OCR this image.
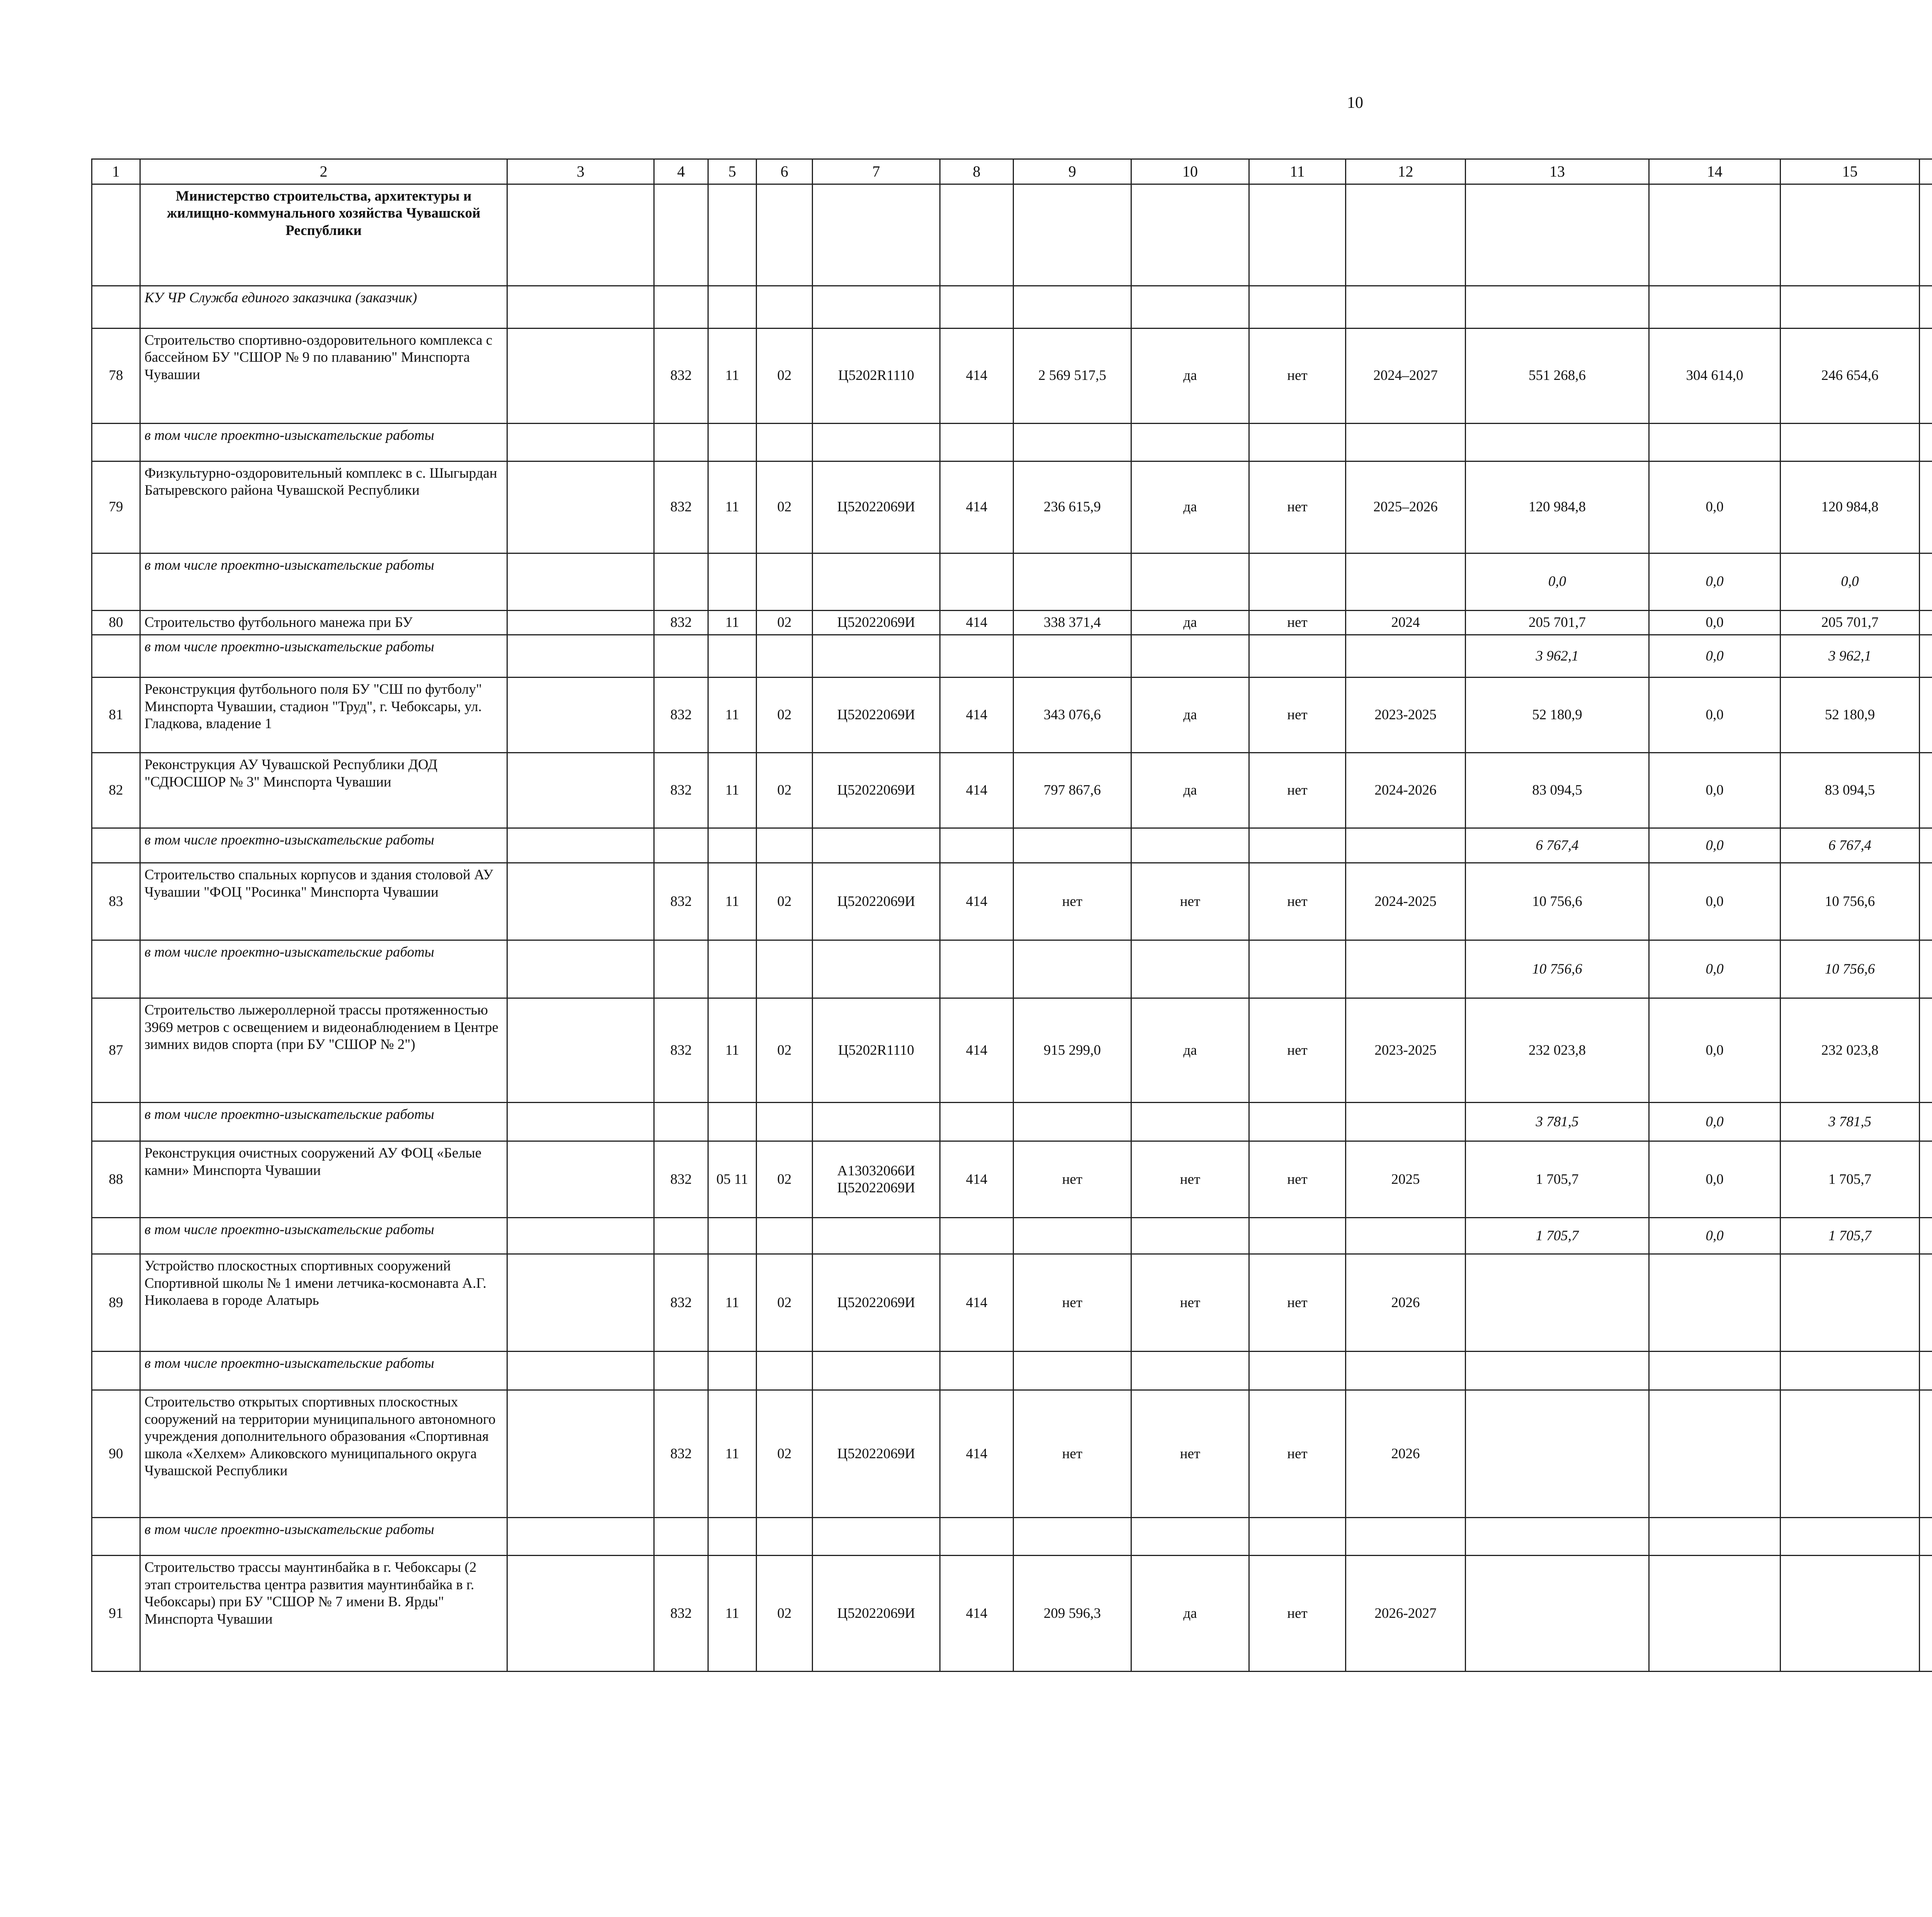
10
1	2	3	4	5	6	7	8	9	10	11	12	13	14	15						
	Министерство строительства, архитектуры и жилищно-коммунального хозяйства Чувашской Республики																			
	КУ ЧР Служба единого заказчика (заказчик)																			
78	Строительство спортивно-оздоровительного комплекса с бассейном БУ "СШОР № 9 по плаванию" Минспорта Чувашии		832	11	02	Ц5202R1110	414	2 569 517,5	да	нет	2024–2027	551 268,6	304 614,0	246 654,6						
	в том числе проектно-изыскательские работы																			
79	Физкультурно-оздоровительный комплекс в с. Шыгырдан Батыревского района Чувашской Республики		832	11	02	Ц52022069И	414	236 615,9	да	нет	2025–2026	120 984,8	0,0	120 984,8						
	в том числе проектно-изыскательские работы											0,0	0,0	0,0						
80	Строительство футбольного манежа при БУ		832	11	02	Ц52022069И	414	338 371,4	да	нет	2024	205 701,7	0,0	205 701,7						
	в том числе проектно-изыскательские работы											3 962,1	0,0	3 962,1						
81	Реконструкция футбольного поля БУ "СШ по футболу" Минспорта Чувашии, стадион "Труд", г. Чебоксары, ул. Гладкова, владение 1		832	11	02	Ц52022069И	414	343 076,6	да	нет	2023-2025	52 180,9	0,0	52 180,9						
82	Реконструкция АУ Чувашской Республики ДОД "СДЮСШОР № 3" Минспорта Чувашии		832	11	02	Ц52022069И	414	797 867,6	да	нет	2024-2026	83 094,5	0,0	83 094,5						
	в том числе проектно-изыскательские работы											6 767,4	0,0	6 767,4						
83	Строительство спальных корпусов и здания столовой АУ Чувашии "ФОЦ "Росинка" Минспорта Чувашии		832	11	02	Ц52022069И	414	нет	нет	нет	2024-2025	10 756,6	0,0	10 756,6						
	в том числе проектно-изыскательские работы											10 756,6	0,0	10 756,6						
87	Строительство лыжероллерной трассы протяженностью 3969 метров с освещением и видеонаблюдением в Центре зимних видов спорта (при БУ "СШОР № 2")		832	11	02	Ц5202R1110	414	915 299,0	да	нет	2023-2025	232 023,8	0,0	232 023,8						
	в том числе проектно-изыскательские работы											3 781,5	0,0	3 781,5						
88	Реконструкция очистных сооружений АУ ФОЦ «Белые камни» Минспорта Чувашии		832	05 11	02	А13032066И Ц52022069И	414	нет	нет	нет	2025	1 705,7	0,0	1 705,7						
	в том числе проектно-изыскательские работы											1 705,7	0,0	1 705,7						
89	Устройство плоскостных спортивных сооружений Спортивной школы № 1 имени летчика-космонавта А.Г. Николаева в городе Алатырь		832	11	02	Ц52022069И	414	нет	нет	нет	2026									
	в том числе проектно-изыскательские работы																			
90	Строительство открытых спортивных плоскостных сооружений на территории муниципального автономного учреждения дополнительного образования «Спортивная школа «Хелхем» Аликовского муниципального округа Чувашской Республики		832	11	02	Ц52022069И	414	нет	нет	нет	2026									
	в том числе проектно-изыскательские работы																			
91	Строительство трассы маунтинбайка в г. Чебоксары (2 этап строительства центра развития маунтинбайка в г. Чебоксары) при БУ "СШОР № 7 имени В. Ярды" Минспорта Чувашии		832	11	02	Ц52022069И	414	209 596,3	да	нет	2026-2027									
